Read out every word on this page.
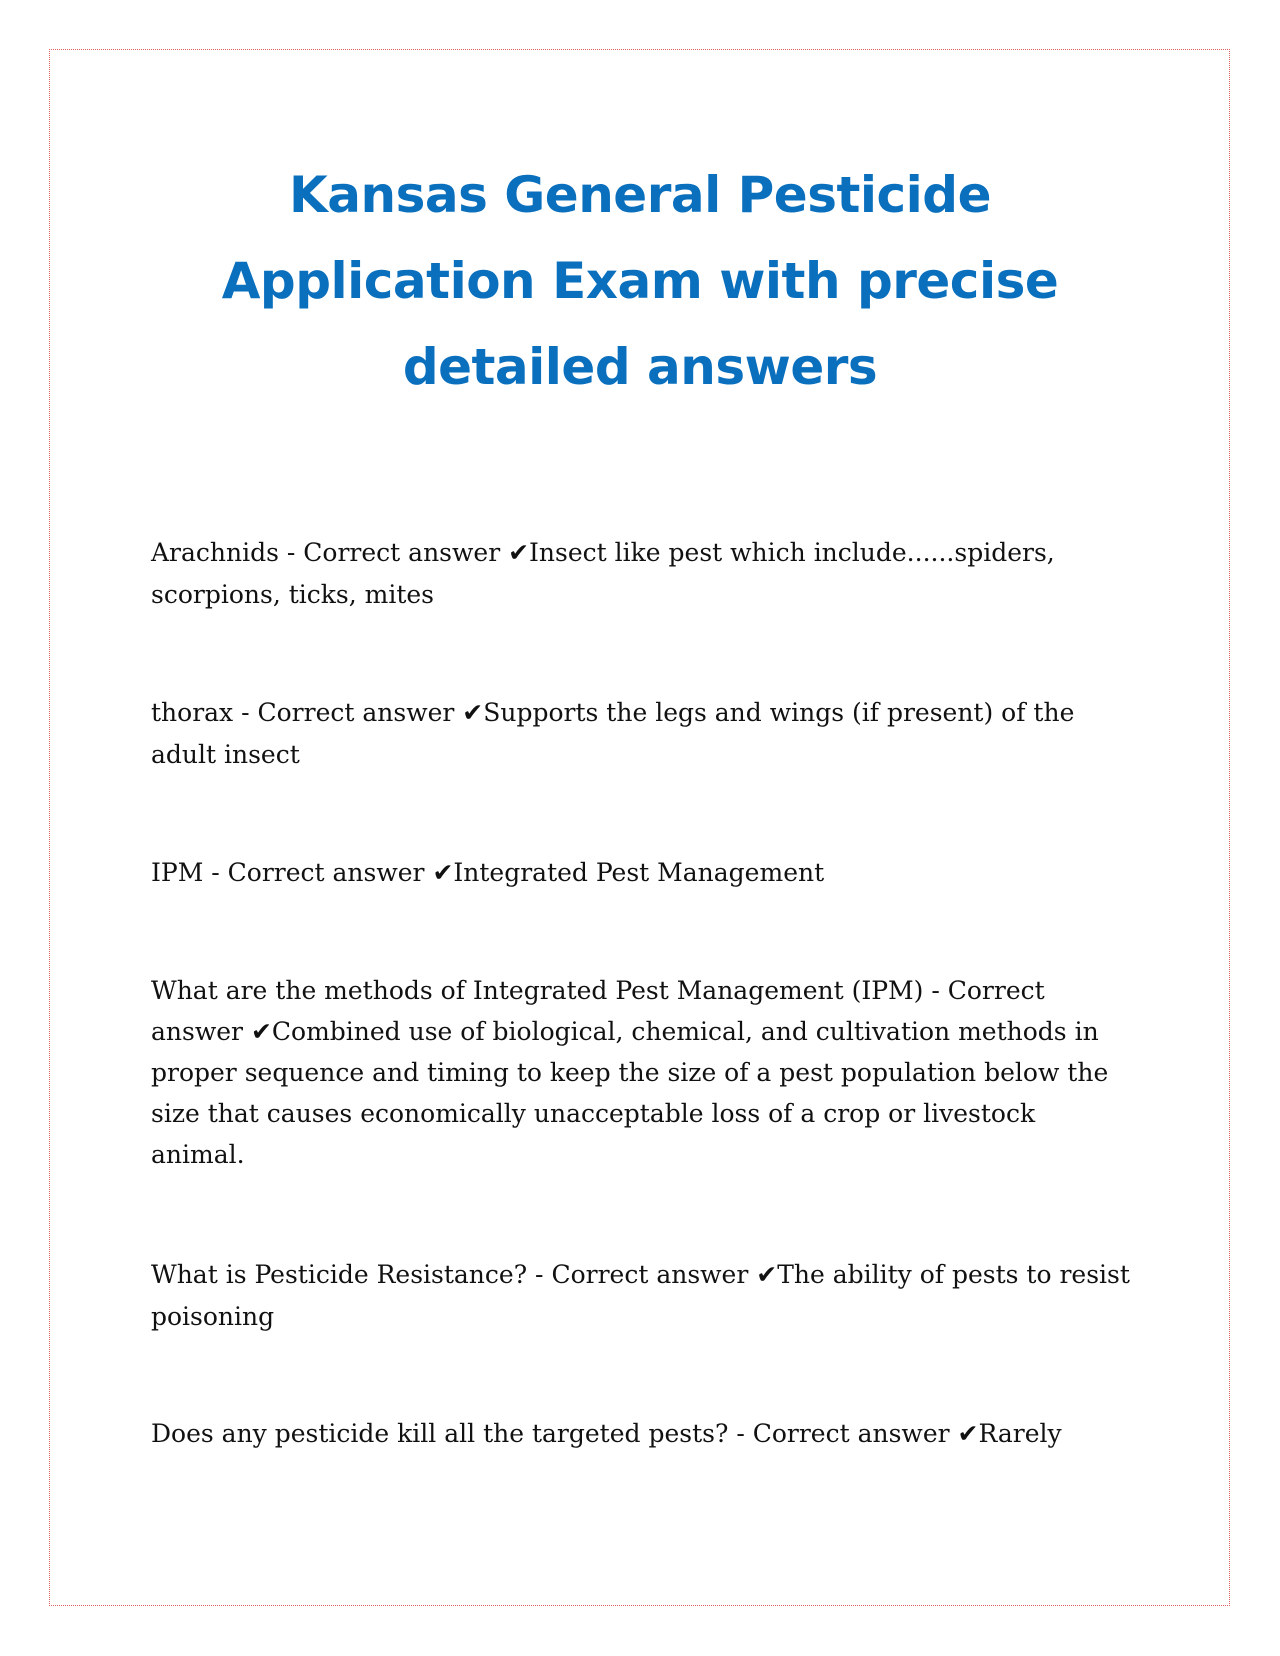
Kansas General Pesticide Application Exam with precise detailed answers

Arachnids - Correct answer ✔Insect like pest which include......spiders, scorpions, ticks, mites

thorax - Correct answer ✔Supports the legs and wings (if present) of the adult insect

IPM - Correct answer ✔Integrated Pest Management

What are the methods of Integrated Pest Management (IPM) - Correct answer ✔Combined use of biological, chemical, and cultivation methods in proper sequence and timing to keep the size of a pest population below the size that causes economically unacceptable loss of a crop or livestock animal.

What is Pesticide Resistance? - Correct answer ✔The ability of pests to resist poisoning

Does any pesticide kill all the targeted pests? - Correct answer ✔Rarely
